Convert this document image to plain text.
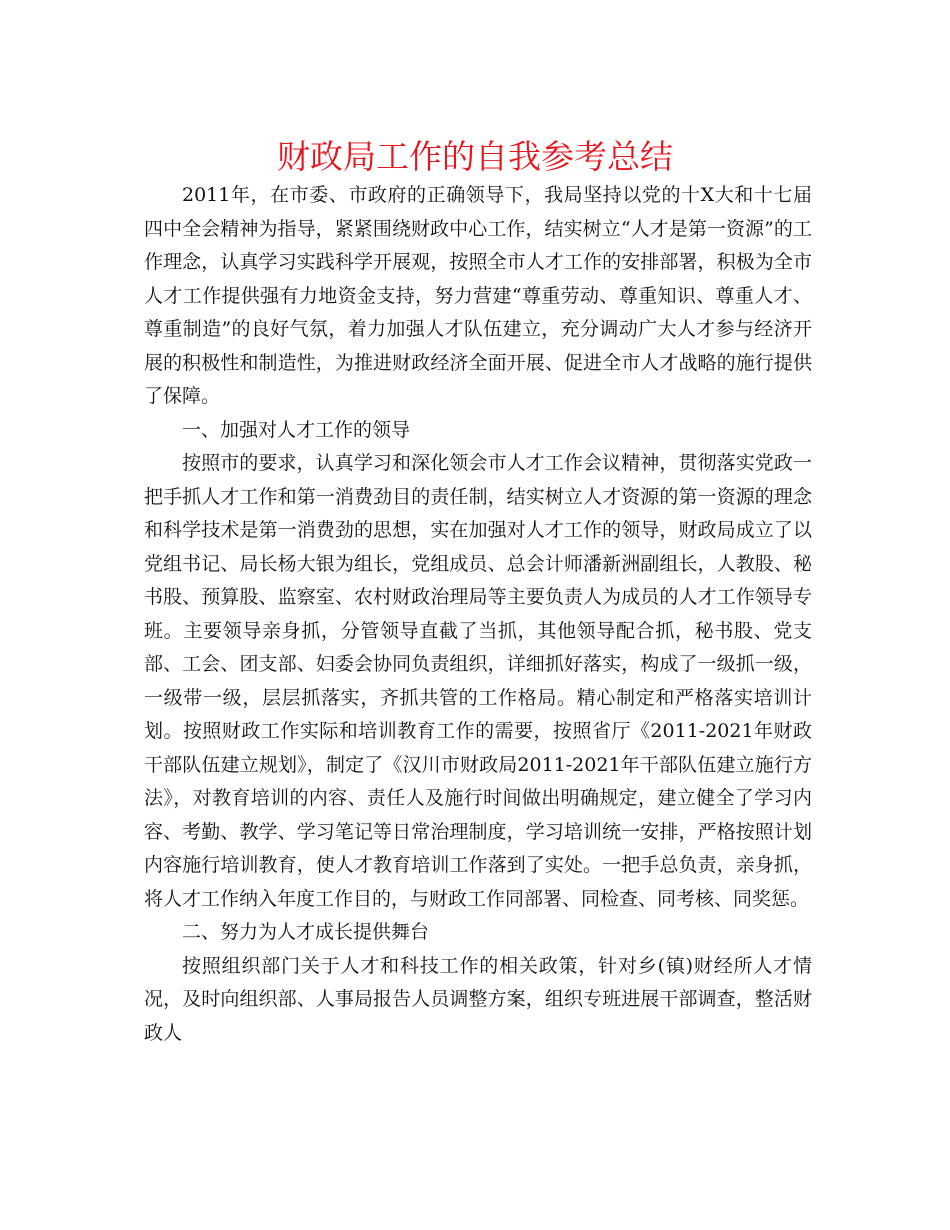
财政局工作的自我参考总结

2011年，在市委、市政府的正确领导下，我局坚持以党的十X大和十七届四中全会精神为指导，紧紧围绕财政中心工作，结实树立“人才是第一资源”的工作理念，认真学习实践科学开展观，按照全市人才工作的安排部署，积极为全市人才工作提供强有力地资金支持，努力营建“尊重劳动、尊重知识、尊重人才、尊重制造”的良好气氛，着力加强人才队伍建立，充分调动广大人才参与经济开展的积极性和制造性，为推进财政经济全面开展、促进全市人才战略的施行提供了保障。

一、加强对人才工作的领导

按照市的要求，认真学习和深化领会市人才工作会议精神，贯彻落实党政一把手抓人才工作和第一消费劲目的责任制，结实树立人才资源的第一资源的理念和科学技术是第一消费劲的思想，实在加强对人才工作的领导，财政局成立了以党组书记、局长杨大银为组长，党组成员、总会计师潘新洲副组长，人教股、秘书股、预算股、监察室、农村财政治理局等主要负责人为成员的人才工作领导专班。主要领导亲身抓，分管领导直截了当抓，其他领导配合抓，秘书股、党支部、工会、团支部、妇委会协同负责组织，详细抓好落实，构成了一级抓一级，一级带一级，层层抓落实，齐抓共管的工作格局。精心制定和严格落实培训计划。按照财政工作实际和培训教育工作的需要，按照省厅《2011-2021年财政干部队伍建立规划》，制定了《汉川市财政局2011-2021年干部队伍建立施行方法》，对教育培训的内容、责任人及施行时间做出明确规定，建立健全了学习内容、考勤、教学、学习笔记等日常治理制度，学习培训统一安排，严格按照计划内容施行培训教育，使人才教育培训工作落到了实处。一把手总负责，亲身抓，将人才工作纳入年度工作目的，与财政工作同部署、同检查、同考核、同奖惩。

二、努力为人才成长提供舞台

按照组织部门关于人才和科技工作的相关政策，针对乡(镇)财经所人才情况，及时向组织部、人事局报告人员调整方案，组织专班进展干部调查，整活财政人
